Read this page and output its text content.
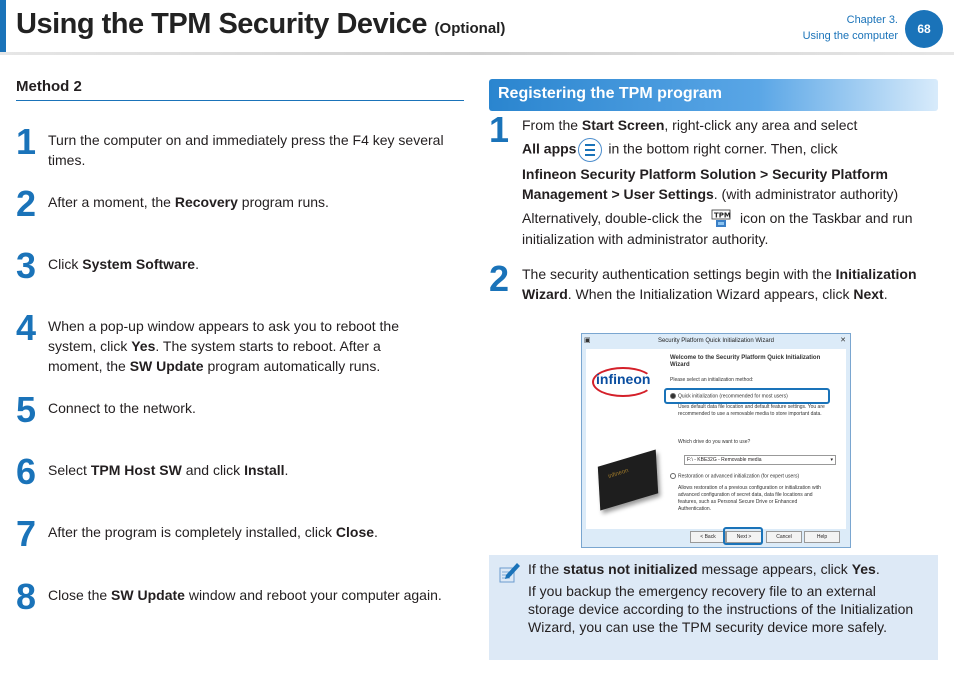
Using the TPM Security Device (Optional)	Chapter 3.
Using the computer	68
Method 2
1 Turn the computer on and immediately press the F4 key several times.
2 After a moment, the Recovery program runs.
3 Click System Software.
4 When a pop-up window appears to ask you to reboot the system, click Yes. The system starts to reboot. After a moment, the SW Update program automatically runs.
5 Connect to the network.
6 Select TPM Host SW and click Install.
7 After the program is completely installed, click Close.
8 Close the SW Update window and reboot your computer again.
Registering the TPM program
1 From the Start Screen, right-click any area and select
All apps
in the bottom right corner. Then, click
Infineon Security Platform Solution > Security Platform Management > User Settings. (with administrator authority)
Alternatively, double-click the TPM icon on the Taskbar and run initialization with administrator authority.
2 The security authentication settings begin with the Initialization Wizard. When the Initialization Wizard appears, click Next.
Security Platform Quick Initialization Wizard
▣	✕
infineon
infineon
Welcome to the Security Platform Quick Initialization Wizard
Please select an initialization method:
Quick initialization (recommended for most users)
Uses default data file location and default feature settings. You are recommended to use a removable media to store important data.
Which drive do you want to use?
F:\ - KBE32G - Removable media	▾
Restoration or advanced initialization (for expert users)
Allows restoration of a previous configuration or initialization with advanced configuration of secret data, data file locations and features, such as Personal Secure Drive or Enhanced Authentication.
< Back	Next >	Cancel	Help
If the status not initialized message appears, click Yes.
If you backup the emergency recovery file to an external storage device according to the instructions of the Initialization Wizard, you can use the TPM security device more safely.
